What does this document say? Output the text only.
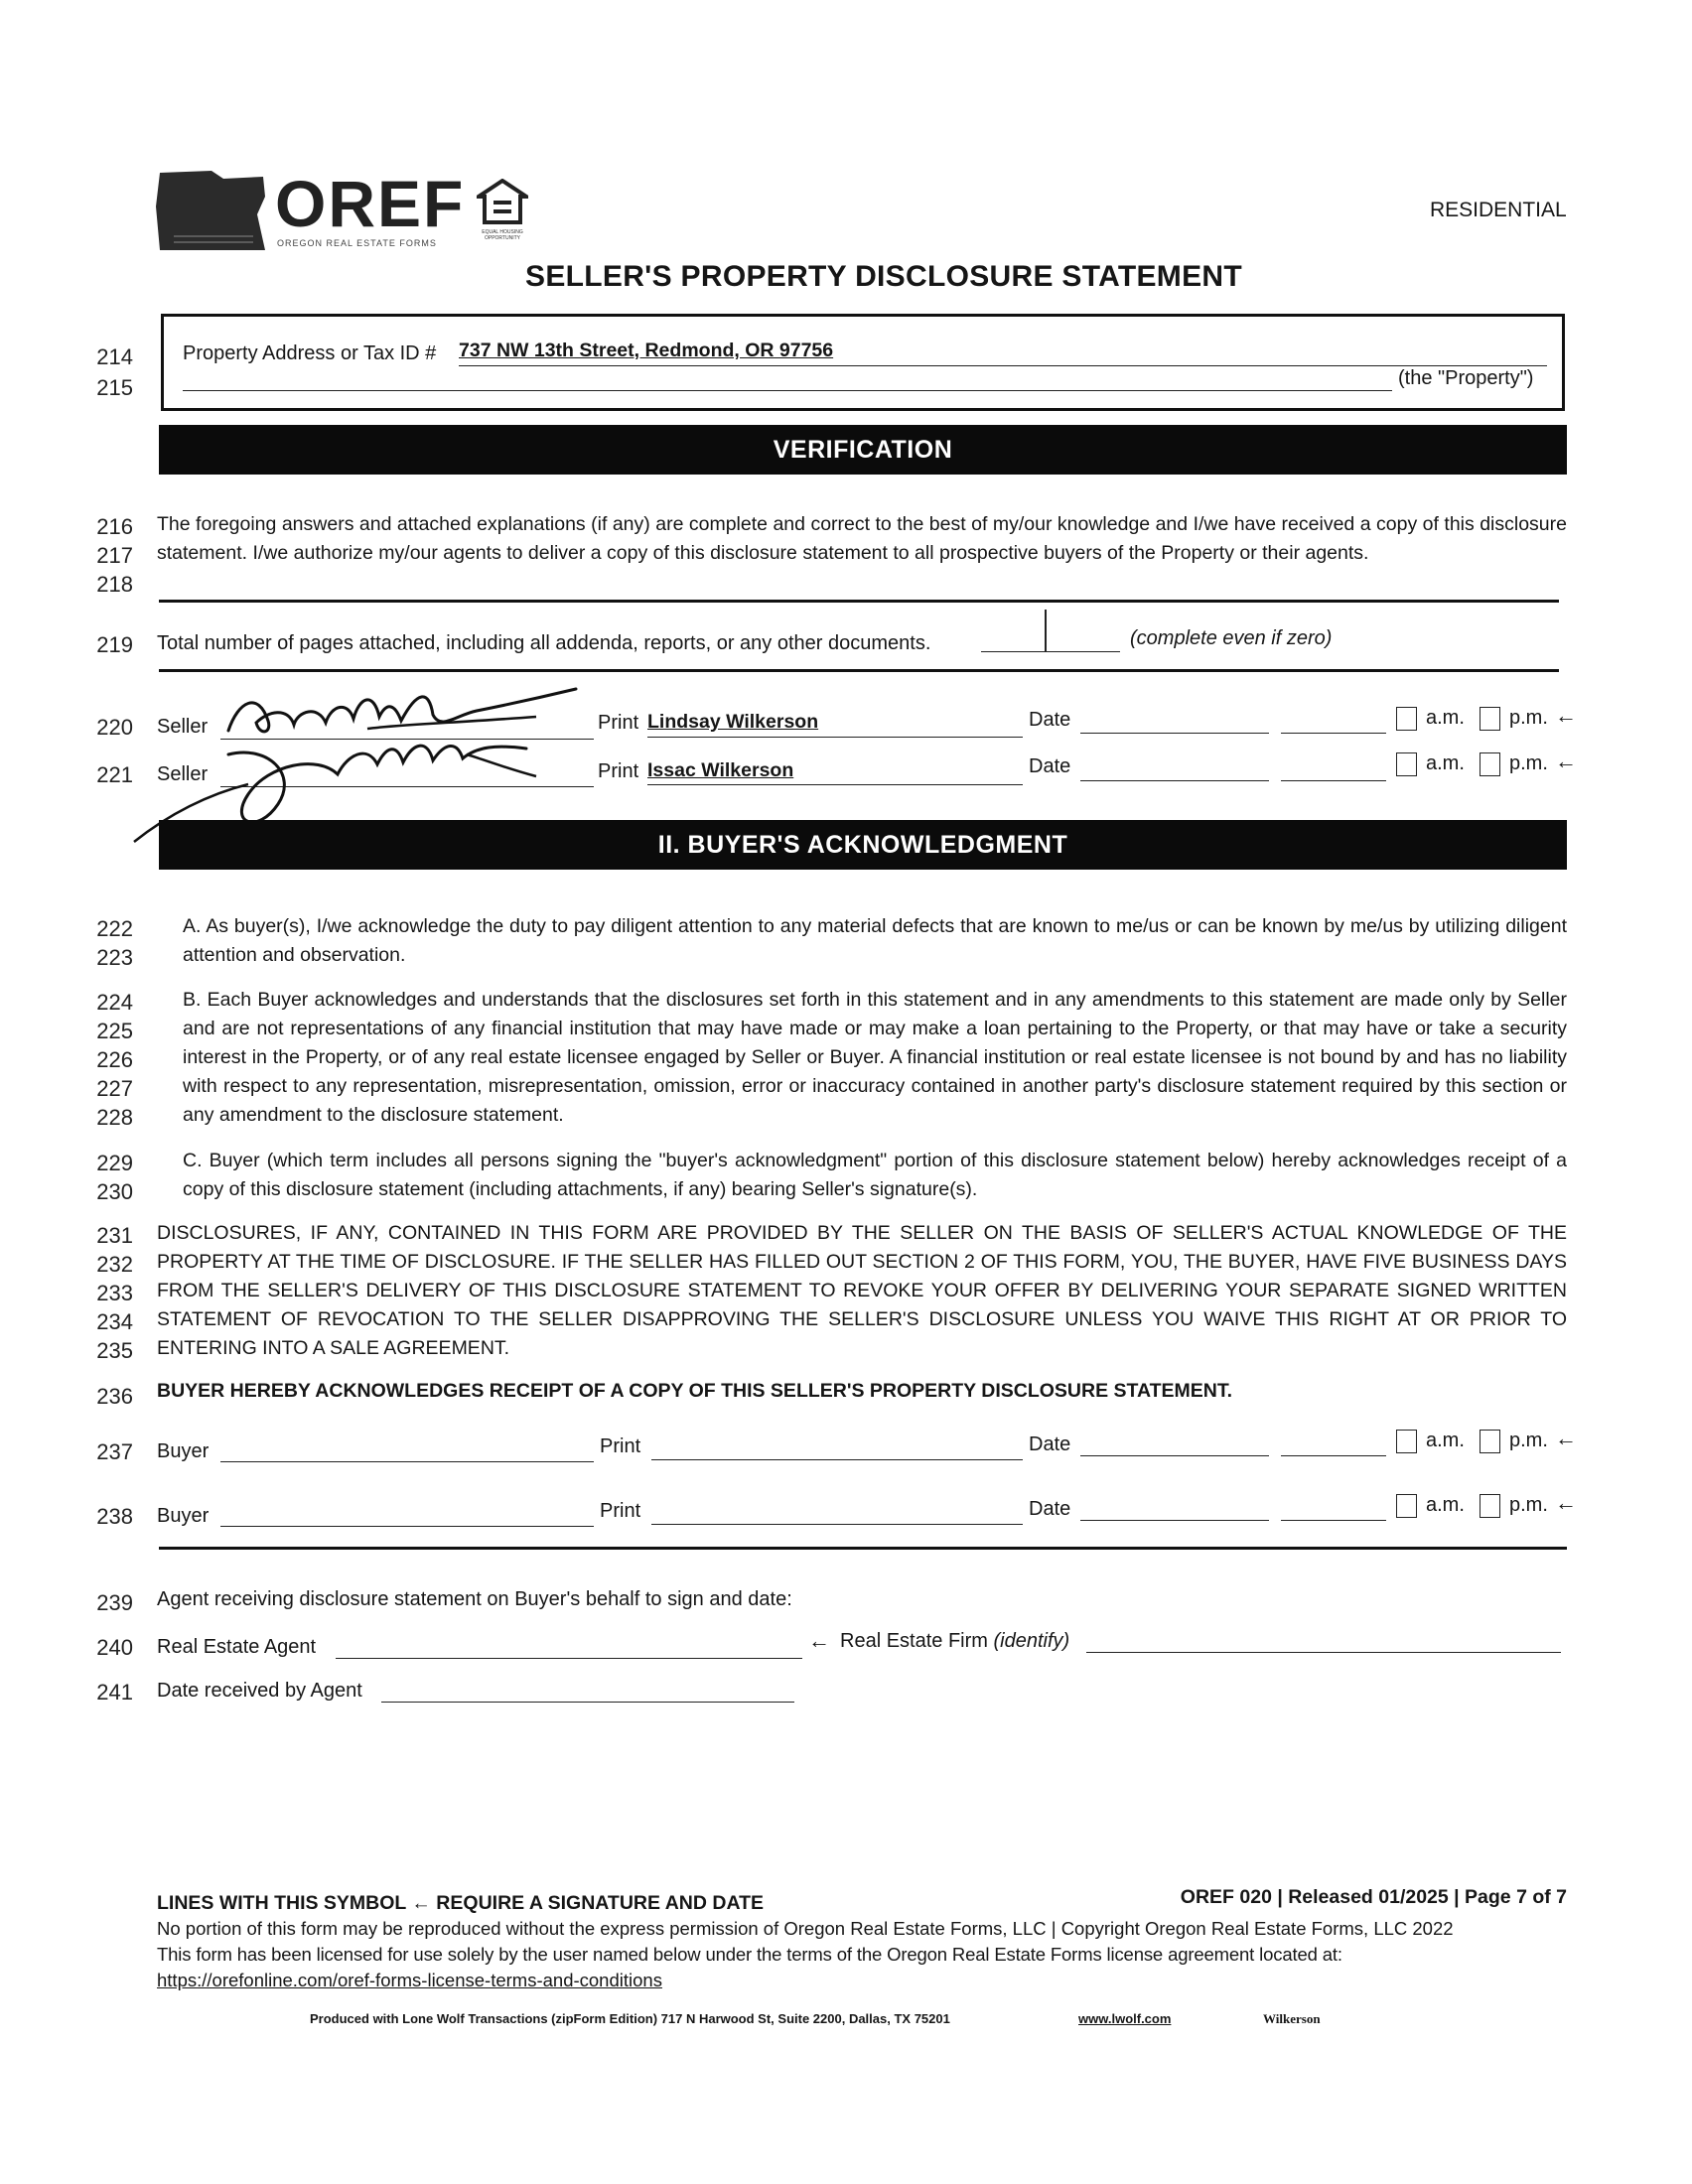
OREF
OREGON REAL ESTATE FORMS
EQUAL HOUSING OPPORTUNITY
RESIDENTIAL
SELLER'S PROPERTY DISCLOSURE STATEMENT
214
215
Property Address or Tax ID # 737 NW 13th Street, Redmond, OR 97756
(the "Property")
VERIFICATION
216
217
218
The foregoing answers and attached explanations (if any) are complete and correct to the best of my/our knowledge and I/we have received a copy of this disclosure statement. I/we authorize my/our agents to deliver a copy of this disclosure statement to all prospective buyers of the Property or their agents.
219 Total number of pages attached, including all addenda, reports, or any other documents.	(complete even if zero)
220 Seller	Print Lindsay Wilkerson	Date	a.m. p.m. ←
221 Seller	Print Issac Wilkerson	Date	a.m. p.m. ←
II. BUYER'S ACKNOWLEDGMENT
222
223
A. As buyer(s), I/we acknowledge the duty to pay diligent attention to any material defects that are known to me/us or can be known by me/us by utilizing diligent attention and observation.
224
225
226
227
228
B. Each Buyer acknowledges and understands that the disclosures set forth in this statement and in any amendments to this statement are made only by Seller and are not representations of any financial institution that may have made or may make a loan pertaining to the Property, or that may have or take a security interest in the Property, or of any real estate licensee engaged by Seller or Buyer. A financial institution or real estate licensee is not bound by and has no liability with respect to any representation, misrepresentation, omission, error or inaccuracy contained in another party's disclosure statement required by this section or any amendment to the disclosure statement.
229
230
C. Buyer (which term includes all persons signing the "buyer's acknowledgment" portion of this disclosure statement below) hereby acknowledges receipt of a copy of this disclosure statement (including attachments, if any) bearing Seller's signature(s).
231
232
233
234
235
DISCLOSURES, IF ANY, CONTAINED IN THIS FORM ARE PROVIDED BY THE SELLER ON THE BASIS OF SELLER'S ACTUAL KNOWLEDGE OF THE PROPERTY AT THE TIME OF DISCLOSURE. IF THE SELLER HAS FILLED OUT SECTION 2 OF THIS FORM, YOU, THE BUYER, HAVE FIVE BUSINESS DAYS FROM THE SELLER'S DELIVERY OF THIS DISCLOSURE STATEMENT TO REVOKE YOUR OFFER BY DELIVERING YOUR SEPARATE SIGNED WRITTEN STATEMENT OF REVOCATION TO THE SELLER DISAPPROVING THE SELLER'S DISCLOSURE UNLESS YOU WAIVE THIS RIGHT AT OR PRIOR TO ENTERING INTO A SALE AGREEMENT.
236 BUYER HEREBY ACKNOWLEDGES RECEIPT OF A COPY OF THIS SELLER'S PROPERTY DISCLOSURE STATEMENT.
237 Buyer	Print	Date	a.m. p.m. ←
238 Buyer	Print	Date	a.m. p.m. ←
239 Agent receiving disclosure statement on Buyer's behalf to sign and date:
240 Real Estate Agent	← Real Estate Firm (identify)
241 Date received by Agent
LINES WITH THIS SYMBOL ← REQUIRE A SIGNATURE AND DATE	OREF 020 | Released 01/2025 | Page 7 of 7
No portion of this form may be reproduced without the express permission of Oregon Real Estate Forms, LLC | Copyright Oregon Real Estate Forms, LLC 2022
This form has been licensed for use solely by the user named below under the terms of the Oregon Real Estate Forms license agreement located at:
https://orefonline.com/oref-forms-license-terms-and-conditions
Produced with Lone Wolf Transactions (zipForm Edition) 717 N Harwood St, Suite 2200, Dallas, TX 75201	www.lwolf.com	Wilkerson
